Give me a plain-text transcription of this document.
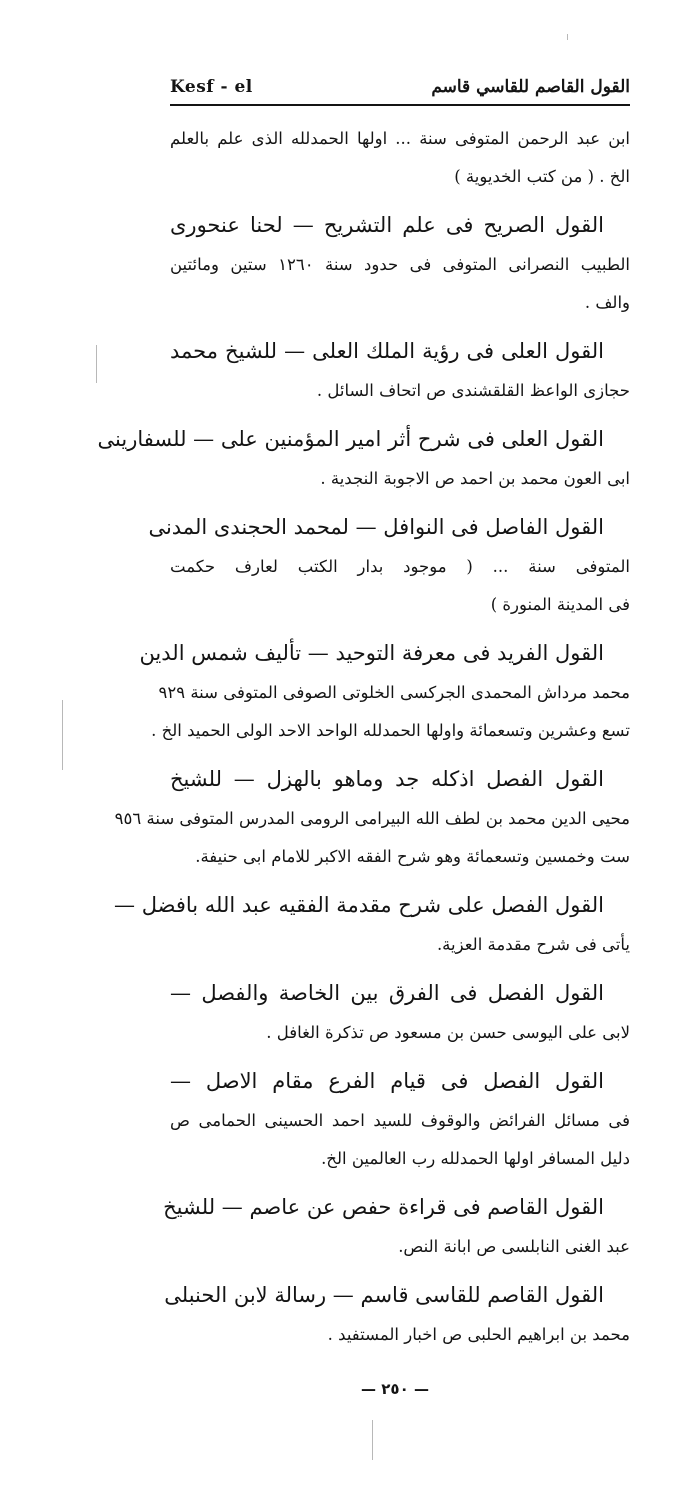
Kesf - el	القول القاصم للقاسي قاسم
ابن عبد الرحمن المتوفى سنة ... اولها الحمدلله الذى علم بالعلم
الخ . ( من كتب الخديوية )
القول الصريح فى علم التشريح — لحنا عنحورى
الطبيب النصرانى المتوفى فى حدود سنة ١٢٦٠ ستين ومائتين
والف .
القول العلى فى رؤية الملك العلى — للشيخ محمد
حجازى الواعظ القلقشندى ص اتحاف السائل .
القول العلى فى شرح أثر امير المؤمنين على — للسفارينى
ابى العون محمد بن احمد ص الاجوبة النجدية .
القول الفاصل فى النوافل — لمحمد الحجندى المدنى
المتوفى سنة ... ( موجود بدار الكتب لعارف حكمت
فى المدينة المنورة )
القول الفريد فى معرفة التوحيد — تأليف شمس الدين
محمد مرداش المحمدى الجركسى الخلوتى الصوفى المتوفى سنة ٩٢٩
تسع وعشرين وتسعمائة واولها الحمدلله الواحد الاحد الولى الحميد الخ .
القول الفصل اذكله جد وماهو بالهزل — للشيخ
محيى الدين محمد بن لطف الله البيرامى الرومى المدرس المتوفى سنة ٩٥٦
ست وخمسين وتسعمائة وهو شرح الفقه الاكبر للامام ابى حنيفة.
القول الفصل على شرح مقدمة الفقيه عبد الله بافضل —
يأتى فى شرح مقدمة العزية.
القول الفصل فى الفرق بين الخاصة والفصل —
لابى على اليوسى حسن بن مسعود ص تذكرة الغافل .
القول الفصل فى قيام الفرع مقام الاصل —
فى مسائل الفرائض والوقوف للسيد احمد الحسينى الحمامى ص
دليل المسافر اولها الحمدلله رب العالمين الخ.
القول القاصم فى قراءة حفص عن عاصم — للشيخ
عبد الغنى النابلسى ص ابانة النص.
القول القاصم للقاسى قاسم — رسالة لابن الحنبلى
محمد بن ابراهيم الحلبى ص اخبار المستفيد .
— ٢٥٠ —
